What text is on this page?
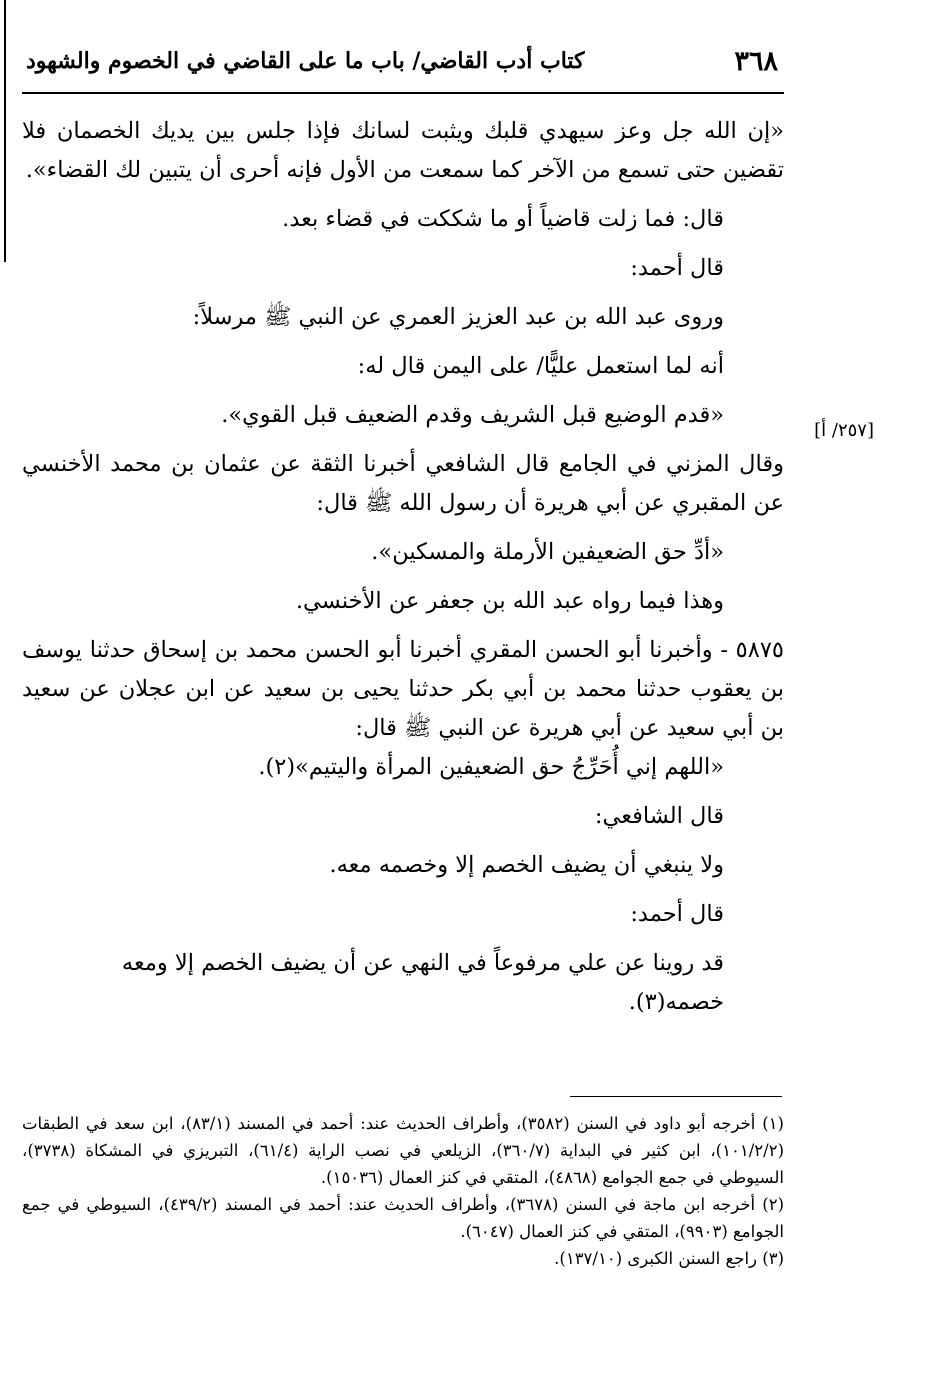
٣٦٨
كتاب أدب القاضي/ باب ما على القاضي في الخصوم والشهود

«إن الله جل وعز سيهدي قلبك ويثبت لسانك فإذا جلس بين يديك الخصمان فلا تقضين حتى تسمع من الآخر كما سمعت من الأول فإنه أحرى أن يتبين لك القضاء».

قال: فما زلت قاضياً أو ما شككت في قضاء بعد.

قال أحمد:

وروى عبد الله بن عبد العزيز العمري عن النبي ﷺ مرسلاً:

أنه لما استعمل عليًّا/ على اليمن قال له:

«قدم الوضيع قبل الشريف وقدم الضعيف قبل القوي».

وقال المزني في الجامع قال الشافعي أخبرنا الثقة عن عثمان بن محمد الأخنسي عن المقبري عن أبي هريرة أن رسول الله ﷺ قال:

«أدِّ حق الضعيفين الأرملة والمسكين».

وهذا فيما رواه عبد الله بن جعفر عن الأخنسي.

٥٨٧٥ - وأخبرنا أبو الحسن المقري أخبرنا أبو الحسن محمد بن إسحاق حدثنا يوسف بن يعقوب حدثنا محمد بن أبي بكر حدثنا يحيى بن سعيد عن ابن عجلان عن سعيد بن أبي سعيد عن أبي هريرة عن النبي ﷺ قال:

«اللهم إني أُحَرِّجُ حق الضعيفين المرأة واليتيم»(٢).

قال الشافعي:

ولا ينبغي أن يضيف الخصم إلا وخصمه معه.

قال أحمد:

قد روينا عن علي مرفوعاً في النهي عن أن يضيف الخصم إلا ومعه خصمه(٣).

[٢٥٧/ أ]

(١) أخرجه أبو داود في السنن (٣٥٨٢)، وأطراف الحديث عند: أحمد في المسند (٨٣/١)، ابن سعد في الطبقات (١٠١/٢/٢)، ابن كثير في البداية (٣٦٠/٧)، الزيلعي في نصب الراية (٦١/٤)، التبريزي في المشكاة (٣٧٣٨)، السيوطي في جمع الجوامع (٤٨٦٨)، المتقي في كنز العمال (١٥٠٣٦).

(٢) أخرجه ابن ماجة في السنن (٣٦٧٨)، وأطراف الحديث عند: أحمد في المسند (٤٣٩/٢)، السيوطي في جمع الجوامع (٩٩٠٣)، المتقي في كنز العمال (٦٠٤٧).

(٣) راجع السنن الكبرى (١٣٧/١٠).
